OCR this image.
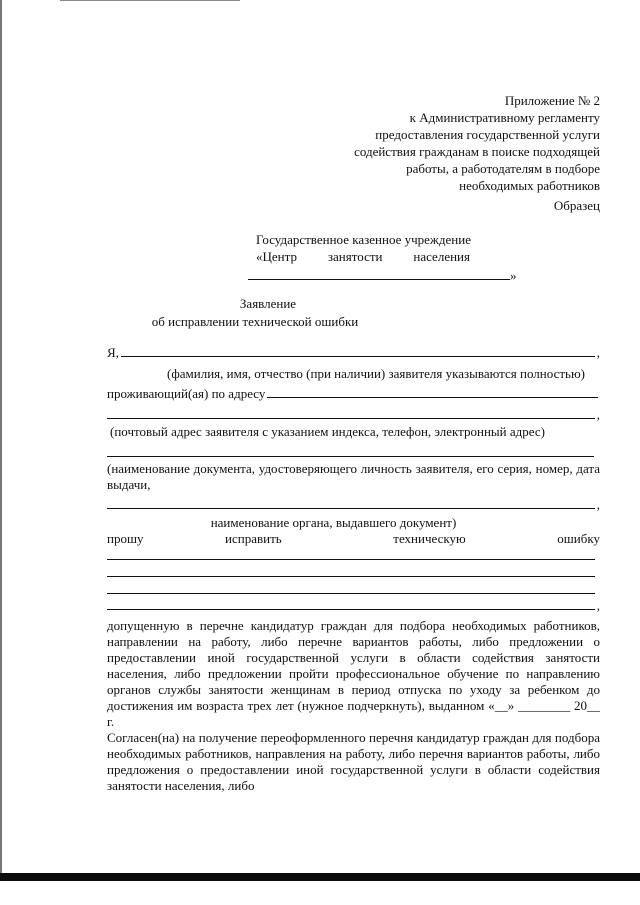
Приложение № 2
к Административному регламенту
предоставления государственной услуги
содействия гражданам в поиске подходящей
работы, а работодателям в подборе
необходимых работников
Образец
Государственное казенное учреждение
«Центр занятости населения
»
Заявление
об исправлении технической ошибки
Я,	,
(фамилия, имя, отчество (при наличии) заявителя указываются полностью)
проживающий(ая) по адресу
,
(почтовый адрес заявителя с указанием индекса, телефон, электронный адрес)
(наименование документа, удостоверяющего личность заявителя, его серия, номер, дата выдачи,
,
наименование органа, выдавшего документ)
прошу	исправить	техническую	ошибку
,
допущенную в перечне кандидатур граждан для подбора необходимых работников, направлении на работу, либо перечне вариантов работы, либо предложении о предоставлении иной государственной услуги в области содействия занятости населения, либо предложении пройти профессиональное обучение по направлению органов службы занятости женщинам в период отпуска по уходу за ребенком до достижения им возраста трех лет (нужное подчеркнуть), выданном «__» ________ 20__ г.
Согласен(на) на получение переоформленного перечня кандидатур граждан для подбора необходимых работников, направления на работу, либо перечня вариантов работы, либо предложения о предоставлении иной государственной услуги в области содействия занятости населения, либо
